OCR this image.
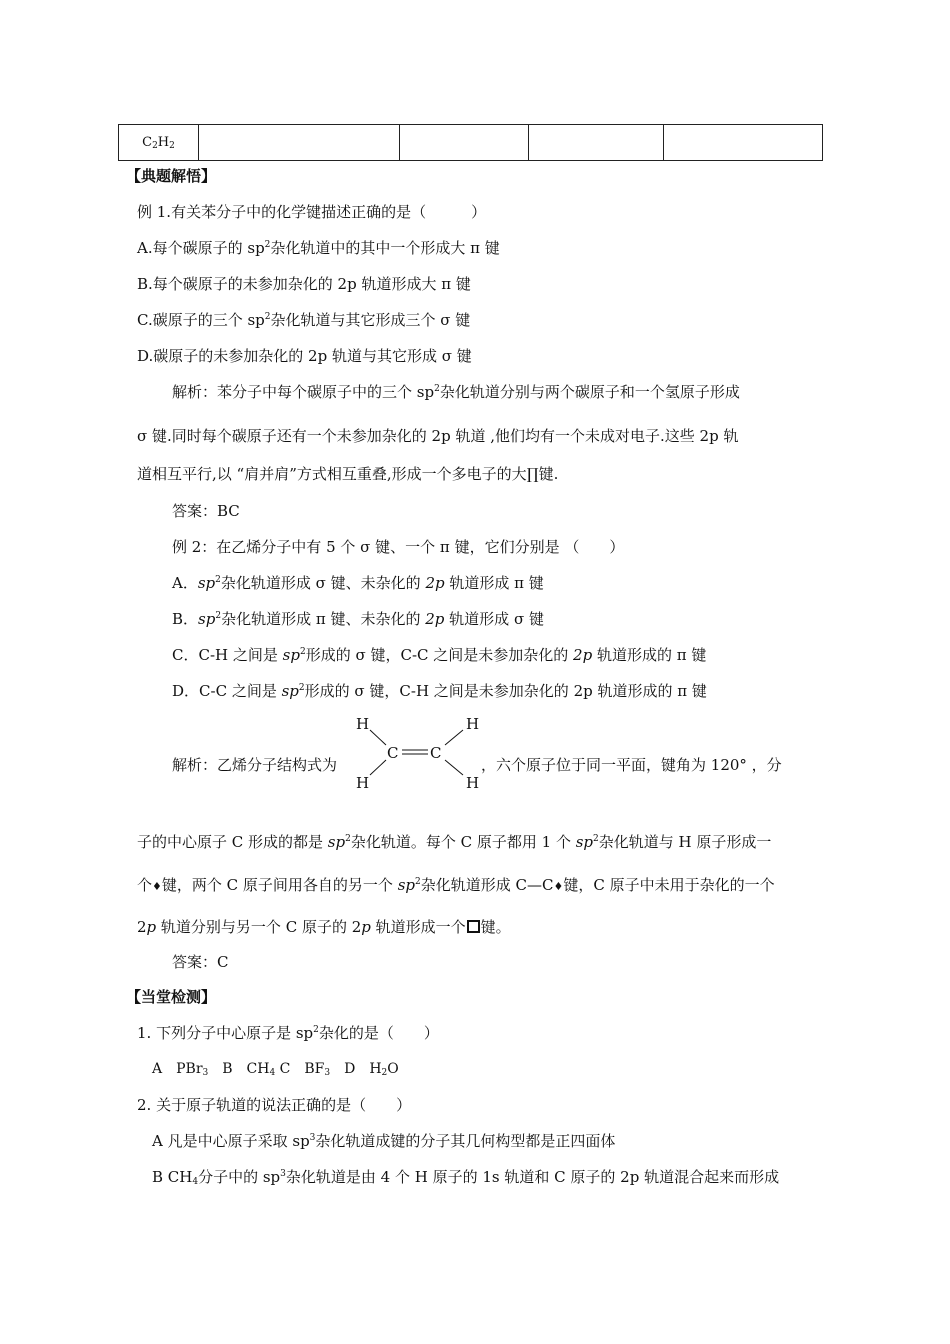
$C_2H_2$				
【典题解悟】
例 1.有关苯分子中的化学键描述正确的是（　　　）
A.每个碳原子的 $sp^2$杂化轨道中的其中一个形成大 π 键
B.每个碳原子的未参加杂化的 2p 轨道形成大 π 键
C.碳原子的三个 $sp^2$杂化轨道与其它形成三个 σ 键
D.碳原子的未参加杂化的 2p 轨道与其它形成 σ 键
解析：苯分子中每个碳原子中的三个 $sp^2$杂化轨道分别与两个碳原子和一个氢原子形成
σ 键.同时每个碳原子还有一个未参加杂化的 2p 轨道 ,他们均有一个未成对电子.这些 2p 轨
道相互平行,以 “肩并肩”方式相互重叠,形成一个多电子的大∏键.
答案：BC
例 2：在乙烯分子中有 5 个 σ 键、一个 π 键，它们分别是 （　　）
A．$sp^2$杂化轨道形成 σ 键、未杂化的 2p 轨道形成 π 键
B．$sp^2$杂化轨道形成 π 键、未杂化的 2p 轨道形成 σ 键
C．C-H 之间是 $sp^2$形成的 σ 键，C-C 之间是未参加杂化的 2p 轨道形成的 π 键
D．C-C 之间是 $sp^2$形成的 σ 键，C-H 之间是未参加杂化的 2p 轨道形成的 π 键
解析：乙烯分子结构式为
H
H
C C
H
H
，六个原子位于同一平面，键角为 120° ，分
子的中心原子 C 形成的都是 $sp^2$杂化轨道。每个 C 原子都用 1 个 $sp^2$杂化轨道与 H 原子形成一
个♦键，两个 C 原子间用各自的另一个 $sp^2$杂化轨道形成 C—C♦键，C 原子中未用于杂化的一个
2p 轨道分别与另一个 C 原子的 2p 轨道形成一个 键。
答案：C
【当堂检测】
1. 下列分子中心原子是 $sp^2$杂化的是（　　）
A　PBr$_3$　B　$CH_4$ C　$BF_3$　D　$H_2O$
2. 关于原子轨道的说法正确的是（　　）
A 凡是中心原子采取 $sp^3$杂化轨道成键的分子其几何构型都是正四面体
B $CH_4$分子中的 $sp^3$杂化轨道是由 4 个 H 原子的 1s 轨道和 C 原子的 2p 轨道混合起来而形成
